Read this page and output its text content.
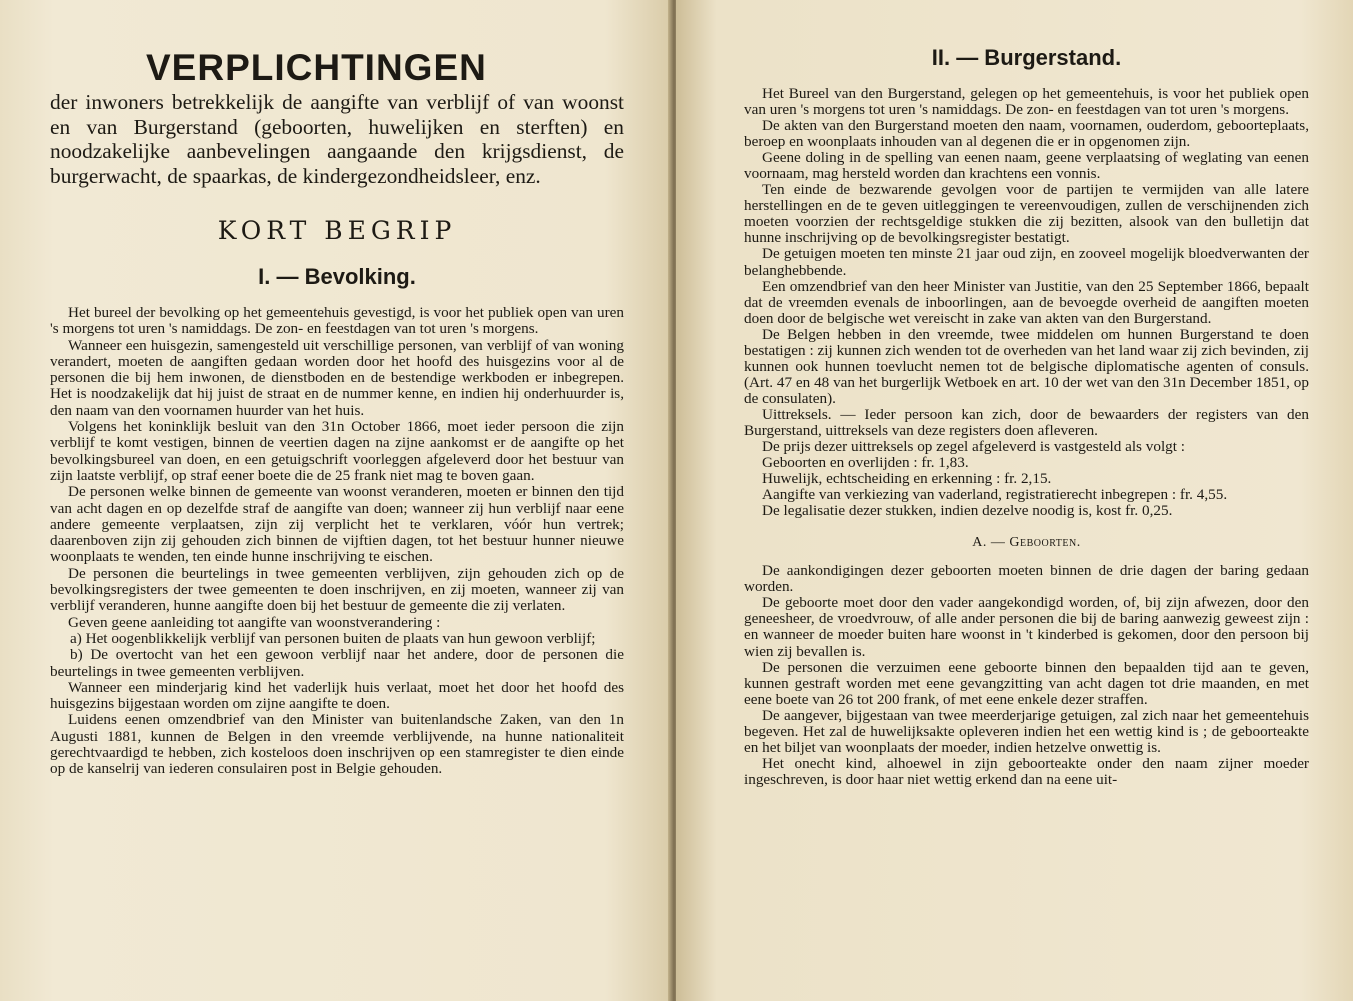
VERPLICHTINGEN

der inwoners betrekkelijk de aangifte van verblijf of van woonst en van Burgerstand (geboorten, huwelijken en sterften) en noodzakelijke aanbevelingen aangaande den krijgsdienst, de burgerwacht, de spaarkas, de kindergezondheidsleer, enz.

KORT BEGRIP
I. — Bevolking.

Het bureel der bevolking op het gemeentehuis gevestigd, is voor het publiek open van uren 's morgens tot uren 's namiddags. De zon- en feestdagen van tot uren 's morgens.

Wanneer een huisgezin, samengesteld uit verschillige personen, van verblijf of van woning verandert, moeten de aangiften gedaan worden door het hoofd des huisgezins voor al de personen die bij hem inwonen, de dienstboden en de bestendige werkboden er inbegrepen. Het is noodzakelijk dat hij juist de straat en de nummer kenne, en indien hij onderhuurder is, den naam van den voornamen huurder van het huis.

Volgens het koninklijk besluit van den 31n October 1866, moet ieder persoon die zijn verblijf te komt vestigen, binnen de veertien dagen na zijne aankomst er de aangifte op het bevolkingsbureel van doen, en een getuigschrift voorleggen afgeleverd door het bestuur van zijn laatste verblijf, op straf eener boete die de 25 frank niet mag te boven gaan.

De personen welke binnen de gemeente van woonst veranderen, moeten er binnen den tijd van acht dagen en op dezelfde straf de aangifte van doen; wanneer zij hun verblijf naar eene andere gemeente verplaatsen, zijn zij verplicht het te verklaren, vóór hun vertrek; daarenboven zijn zij gehouden zich binnen de vijftien dagen, tot het bestuur hunner nieuwe woonplaats te wenden, ten einde hunne inschrijving te eischen.

De personen die beurtelings in twee gemeenten verblijven, zijn gehouden zich op de bevolkingsregisters der twee gemeenten te doen inschrijven, en zij moeten, wanneer zij van verblijf veranderen, hunne aangifte doen bij het bestuur de gemeente die zij verlaten.

Geven geene aanleiding tot aangifte van woonstverandering :

a) Het oogenblikkelijk verblijf van personen buiten de plaats van hun gewoon verblijf;

b) De overtocht van het een gewoon verblijf naar het andere, door de personen die beurtelings in twee gemeenten verblijven.

Wanneer een minderjarig kind het vaderlijk huis verlaat, moet het door het hoofd des huisgezins bijgestaan worden om zijne aangifte te doen.

Luidens eenen omzendbrief van den Minister van buitenlandsche Zaken, van den 1n Augusti 1881, kunnen de Belgen in den vreemde verblijvende, na hunne nationaliteit gerechtvaardigd te hebben, zich kosteloos doen inschrijven op een stamregister te dien einde op de kanselrij van iederen consulairen post in Belgie gehouden.

II. — Burgerstand.

Het Bureel van den Burgerstand, gelegen op het gemeentehuis, is voor het publiek open van uren 's morgens tot uren 's namiddags. De zon- en feestdagen van tot uren 's morgens.

De akten van den Burgerstand moeten den naam, voornamen, ouderdom, geboorteplaats, beroep en woonplaats inhouden van al degenen die er in opgenomen zijn.

Geene doling in de spelling van eenen naam, geene verplaatsing of weglating van eenen voornaam, mag hersteld worden dan krachtens een vonnis.

Ten einde de bezwarende gevolgen voor de partijen te vermijden van alle latere herstellingen en de te geven uitleggingen te vereenvoudigen, zullen de verschijnenden zich moeten voorzien der rechtsgeldige stukken die zij bezitten, alsook van den bulletijn dat hunne inschrijving op de bevolkingsregister bestatigt.

De getuigen moeten ten minste 21 jaar oud zijn, en zooveel mogelijk bloedverwanten der belanghebbende.

Een omzendbrief van den heer Minister van Justitie, van den 25 September 1866, bepaalt dat de vreemden evenals de inboorlingen, aan de bevoegde overheid de aangiften moeten doen door de belgische wet vereischt in zake van akten van den Burgerstand.

De Belgen hebben in den vreemde, twee middelen om hunnen Burgerstand te doen bestatigen : zij kunnen zich wenden tot de overheden van het land waar zij zich bevinden, zij kunnen ook hunnen toevlucht nemen tot de belgische diplomatische agenten of consuls. (Art. 47 en 48 van het burgerlijk Wetboek en art. 10 der wet van den 31n December 1851, op de consulaten).

Uittreksels. — Ieder persoon kan zich, door de bewaarders der registers van den Burgerstand, uittreksels van deze registers doen afleveren.

De prijs dezer uittreksels op zegel afgeleverd is vastgesteld als volgt :

Geboorten en overlijden : fr. 1,83.

Huwelijk, echtscheiding en erkenning : fr. 2,15.

Aangifte van verkiezing van vaderland, registratierecht inbegrepen : fr. 4,55.

De legalisatie dezer stukken, indien dezelve noodig is, kost fr. 0,25.

A. — Geboorten.

De aankondigingen dezer geboorten moeten binnen de drie dagen der baring gedaan worden.

De geboorte moet door den vader aangekondigd worden, of, bij zijn afwezen, door den geneesheer, de vroedvrouw, of alle ander personen die bij de baring aanwezig geweest zijn : en wanneer de moeder buiten hare woonst in 't kinderbed is gekomen, door den persoon bij wien zij bevallen is.

De personen die verzuimen eene geboorte binnen den bepaalden tijd aan te geven, kunnen gestraft worden met eene gevangzitting van acht dagen tot drie maanden, en met eene boete van 26 tot 200 frank, of met eene enkele dezer straffen.

De aangever, bijgestaan van twee meerderjarige getuigen, zal zich naar het gemeentehuis begeven. Het zal de huwelijksakte opleveren indien het een wettig kind is ; de geboorteakte en het biljet van woonplaats der moeder, indien hetzelve onwettig is.

Het onecht kind, alhoewel in zijn geboorteakte onder den naam zijner moeder ingeschreven, is door haar niet wettig erkend dan na eene uit-
